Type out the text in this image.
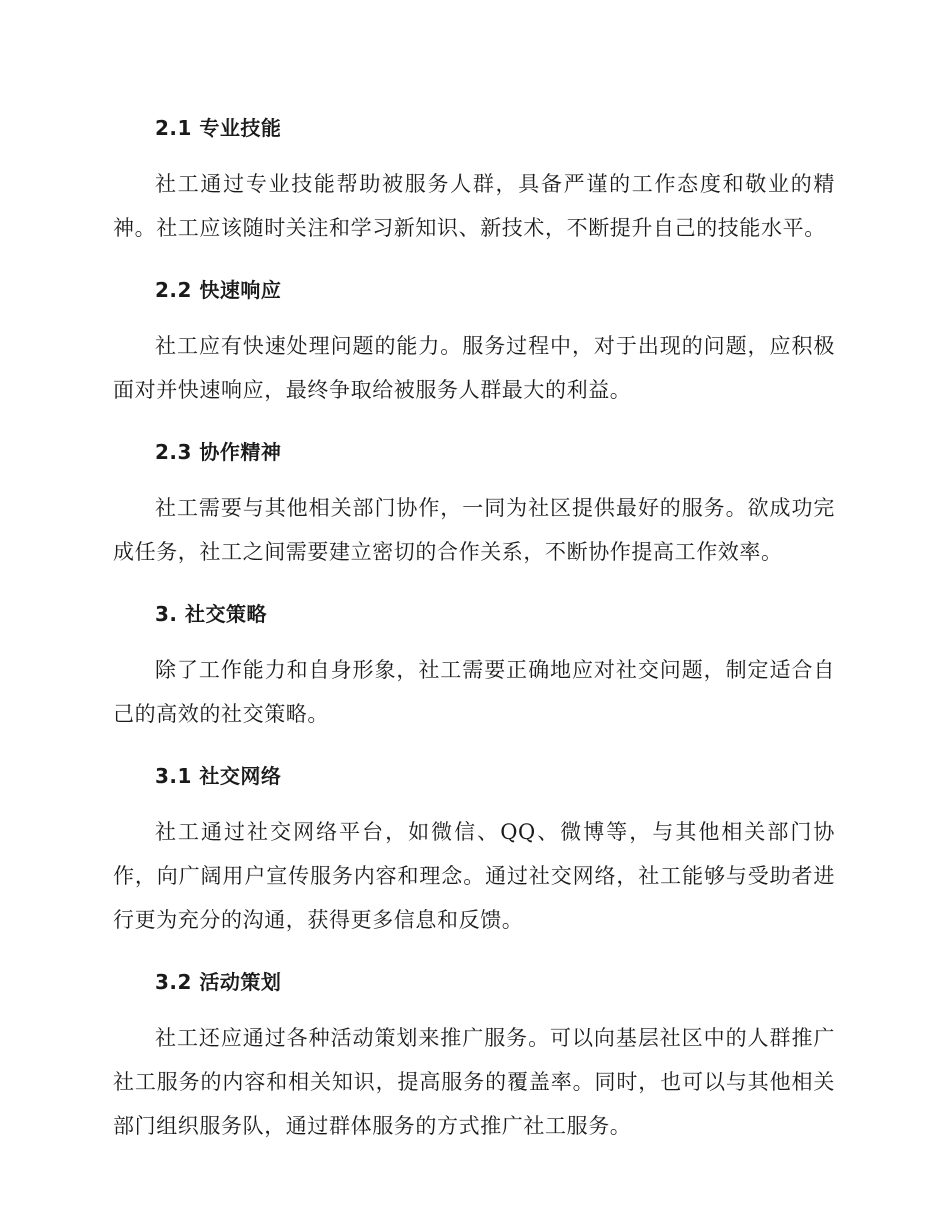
2.1 专业技能

社工通过专业技能帮助被服务人群，具备严谨的工作态度和敬业的精神。社工应该随时关注和学习新知识、新技术，不断提升自己的技能水平。

2.2 快速响应

社工应有快速处理问题的能力。服务过程中，对于出现的问题，应积极面对并快速响应，最终争取给被服务人群最大的利益。

2.3 协作精神

社工需要与其他相关部门协作，一同为社区提供最好的服务。欲成功完成任务，社工之间需要建立密切的合作关系，不断协作提高工作效率。

3. 社交策略

除了工作能力和自身形象，社工需要正确地应对社交问题，制定适合自己的高效的社交策略。

3.1 社交网络

社工通过社交网络平台，如微信、QQ、微博等，与其他相关部门协作，向广阔用户宣传服务内容和理念。通过社交网络，社工能够与受助者进行更为充分的沟通，获得更多信息和反馈。

3.2 活动策划

社工还应通过各种活动策划来推广服务。可以向基层社区中的人群推广社工服务的内容和相关知识，提高服务的覆盖率。同时，也可以与其他相关部门组织服务队，通过群体服务的方式推广社工服务。
